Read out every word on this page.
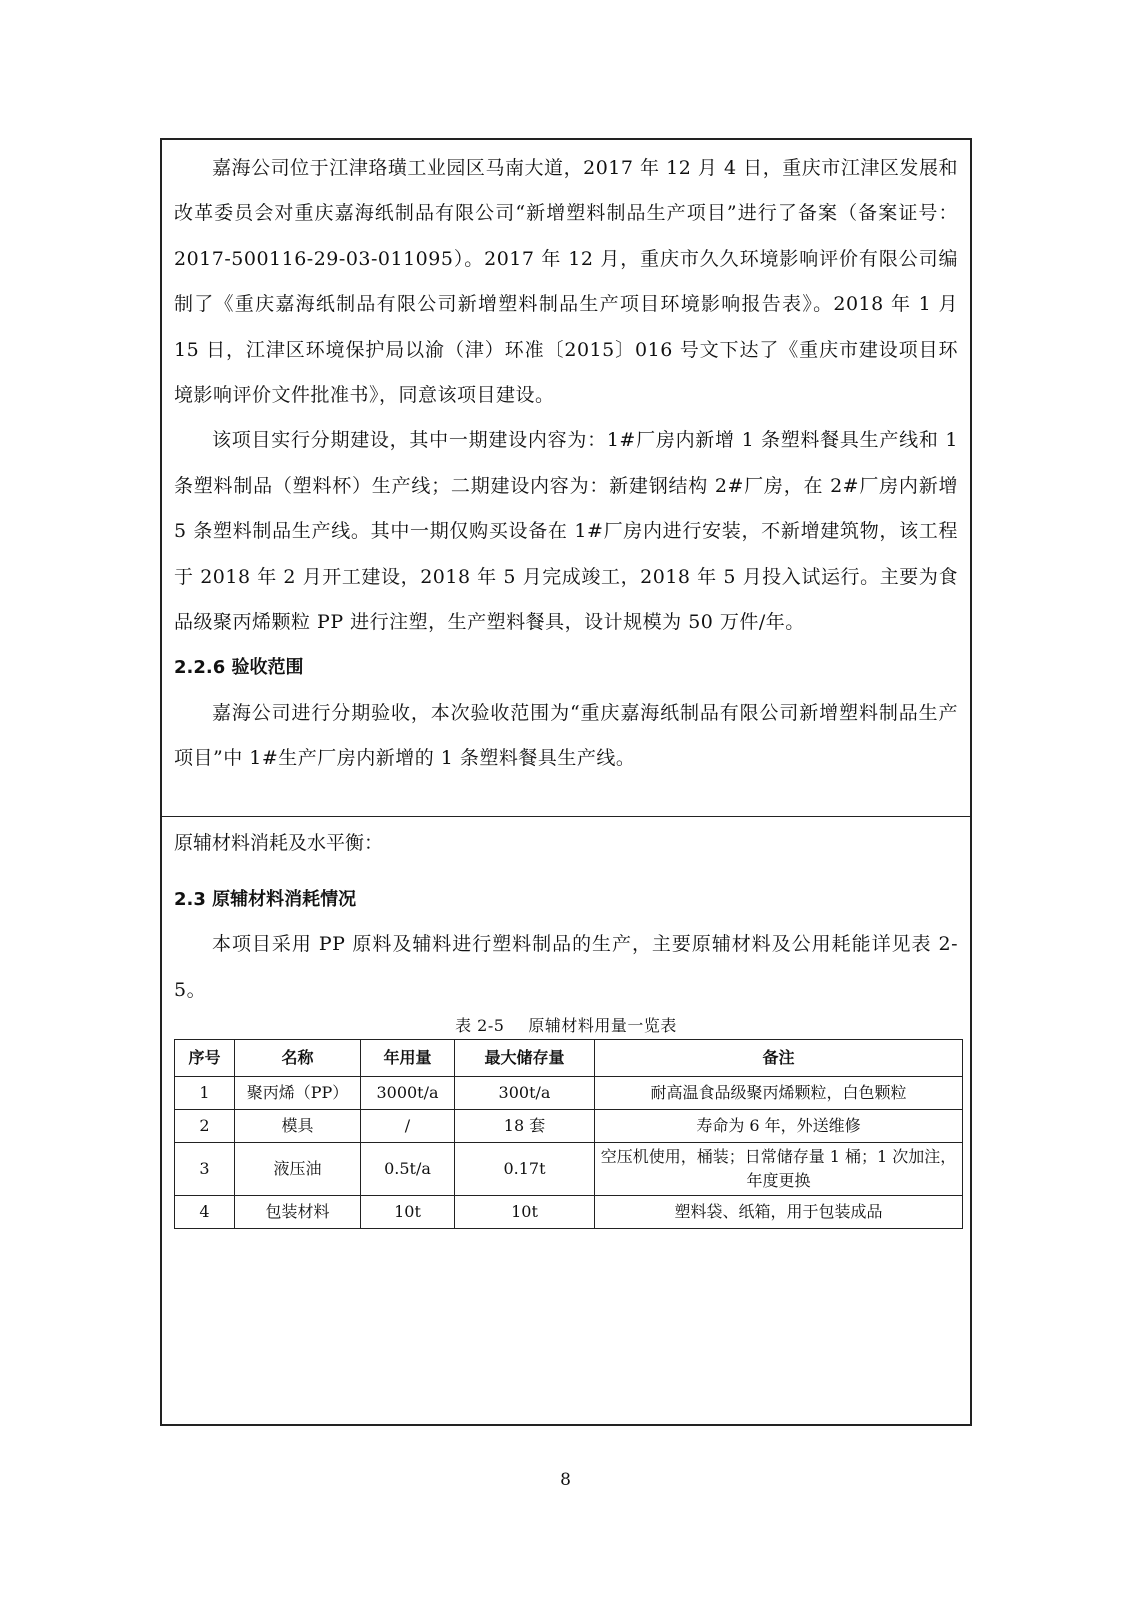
嘉海公司位于江津珞璜工业园区马南大道，2017 年 12 月 4 日，重庆市江津区发展和改革委员会对重庆嘉海纸制品有限公司“新增塑料制品生产项目”进行了备案（备案证号：2017-500116-29-03-011095）。2017 年 12 月，重庆市久久环境影响评价有限公司编制了《重庆嘉海纸制品有限公司新增塑料制品生产项目环境影响报告表》。2018 年 1 月 15 日，江津区环境保护局以渝（津）环准〔2015〕016 号文下达了《重庆市建设项目环境影响评价文件批准书》，同意该项目建设。

该项目实行分期建设，其中一期建设内容为：1#厂房内新增 1 条塑料餐具生产线和 1 条塑料制品（塑料杯）生产线；二期建设内容为：新建钢结构 2#厂房，在 2#厂房内新增 5 条塑料制品生产线。其中一期仅购买设备在 1#厂房内进行安装，不新增建筑物，该工程于 2018 年 2 月开工建设，2018 年 5 月完成竣工，2018 年 5 月投入试运行。主要为食品级聚丙烯颗粒 PP 进行注塑，生产塑料餐具，设计规模为 50 万件/年。

2.2.6 验收范围

嘉海公司进行分期验收，本次验收范围为“重庆嘉海纸制品有限公司新增塑料制品生产项目”中 1#生产厂房内新增的 1 条塑料餐具生产线。

原辅材料消耗及水平衡：

2.3 原辅材料消耗情况

本项目采用 PP 原料及辅料进行塑料制品的生产，主要原辅材料及公用耗能详见表 2-5。

表 2-5 原辅材料用量一览表
序号	名称	年用量	最大储存量	备注
1	聚丙烯（PP）	3000t/a	300t/a	耐高温食品级聚丙烯颗粒，白色颗粒
2	模具	/	18 套	寿命为 6 年，外送维修
3	液压油	0.5t/a	0.17t	空压机使用，桶装；日常储存量 1 桶；1 次加注，年度更换
4	包装材料	10t	10t	塑料袋、纸箱，用于包装成品
8
